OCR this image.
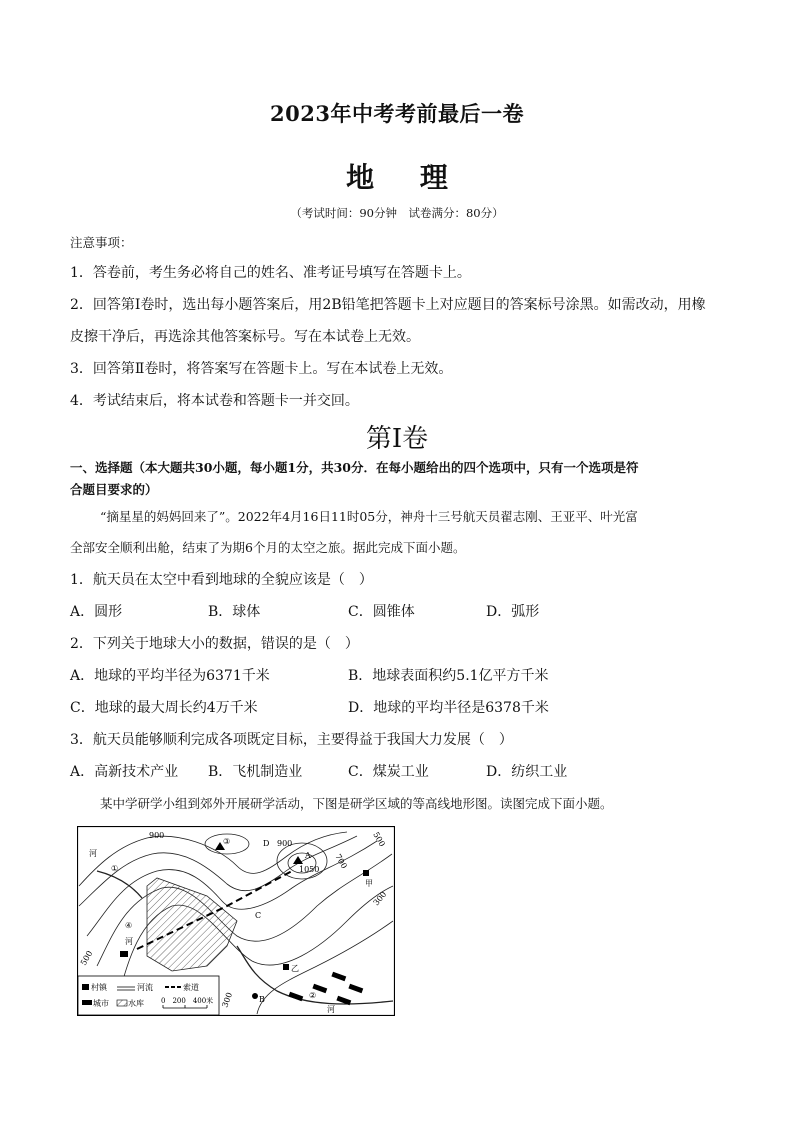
2023年中考考前最后一卷
地 理
（考试时间：90分钟　试卷满分：80分）
注意事项：
1．答卷前，考生务必将自己的姓名、准考证号填写在答题卡上。
2．回答第Ⅰ卷时，选出每小题答案后，用2B铅笔把答题卡上对应题目的答案标号涂黑。如需改动，用橡
皮擦干净后，再选涂其他答案标号。写在本试卷上无效。
3．回答第Ⅱ卷时，将答案写在答题卡上。写在本试卷上无效。
4．考试结束后，将本试卷和答题卡一并交回。
第Ⅰ卷
一、选择题（本大题共30小题，每小题1分，共30分．在每小题给出的四个选项中，只有一个选项是符
合题目要求的）
“摘星星的妈妈回来了”。2022年4月16日11时05分，神舟十三号航天员翟志刚、王亚平、叶光富
全部安全顺利出舱，结束了为期6个月的太空之旅。据此完成下面小题。
1．航天员在太空中看到地球的全貌应该是（　）
A．圆形	B．球体	C．圆锥体	D．弧形
2．下列关于地球大小的数据，错误的是（　）
A．地球的平均半径为6371千米	B．地球表面积约5.1亿平方千米
C．地球的最大周长约4万千米	D．地球的平均半径是6378千米
3．航天员能够顺利完成各项既定目标，主要得益于我国大力发展（　）
A．高新技术产业 B．飞机制造业	C．煤炭工业	D．纺织工业
某中学研学小组到郊外开展研学活动，下图是研学区域的等高线地形图。读图完成下面小题。
村镇	河流	索道
城市 水库 0　200　400米
900
700
500
300
300
500
900
1050
A
B
C
D
①
②
③
④
甲
乙
河
河
河
